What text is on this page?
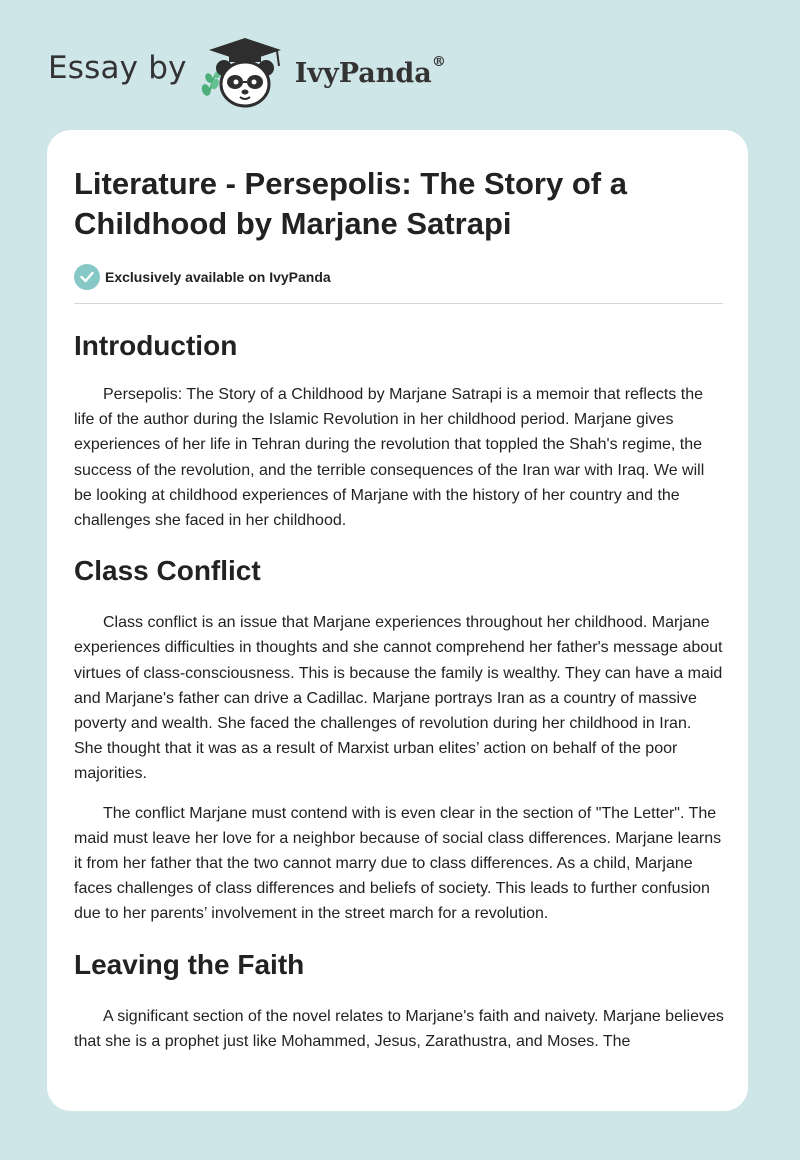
Essay by	IvyPanda®
Literature - Persepolis: The Story of a Childhood by Marjane Satrapi
Exclusively available on IvyPanda
Introduction

Persepolis: The Story of a Childhood by Marjane Satrapi is a memoir that reflects the life of the author during the Islamic Revolution in her childhood period. Marjane gives experiences of her life in Tehran during the revolution that toppled the Shah's regime, the success of the revolution, and the terrible consequences of the Iran war with Iraq. We will be looking at childhood experiences of Marjane with the history of her country and the challenges she faced in her childhood.

Class Conflict

Class conflict is an issue that Marjane experiences throughout her childhood. Marjane experiences difficulties in thoughts and she cannot comprehend her father's message about virtues of class-consciousness. This is because the family is wealthy. They can have a maid and Marjane's father can drive a Cadillac. Marjane portrays Iran as a country of massive poverty and wealth. She faced the challenges of revolution during her childhood in Iran. She thought that it was as a result of Marxist urban elites’ action on behalf of the poor majorities.

The conflict Marjane must contend with is even clear in the section of "The Letter". The maid must leave her love for a neighbor because of social class differences. Marjane learns it from her father that the two cannot marry due to class differences. As a child, Marjane faces challenges of class differences and beliefs of society. This leads to further confusion due to her parents’ involvement in the street march for a revolution.

Leaving the Faith

A significant section of the novel relates to Marjane's faith and naivety. Marjane believes that she is a prophet just like Mohammed, Jesus, Zarathustra, and Moses. The
